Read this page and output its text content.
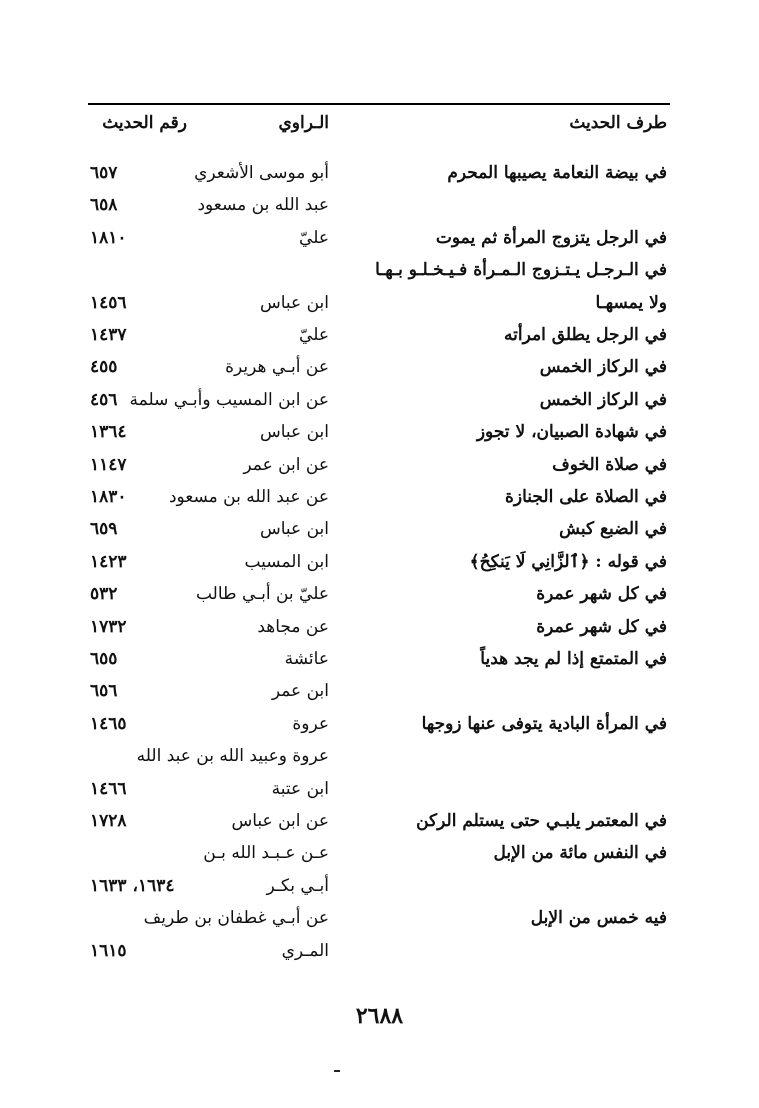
طرف الحديث
الـراوي
رقم الحديث
في بيضة النعامة يصيبها المحرم
أبو موسى الأشعري
٦٥٧
عبد الله بن مسعود
٦٥٨
في الرجل يتزوج المرأة ثم يموت
عليّ
١٨١٠
في الـرجـل يـتـزوج الـمـرأة فـيـخـلـو بـهـا
ولا يمسهـا
ابن عباس
١٤٥٦
في الرجل يطلق امرأته
عليّ
١٤٣٧
في الركاز الخمس
عن أبـي هريرة
٤٥٥
في الركاز الخمس
عن ابن المسيب وأبـي سلمة
٤٥٦
في شهادة الصبيان، لا تجوز
ابن عباس
١٣٦٤
في صلاة الخوف
عن ابن عمر
١١٤٧
في الصلاة على الجنازة
عن عبد الله بن مسعود
١٨٣٠
في الضبع كبش
ابن عباس
٦٥٩
في قوله : ﴿ٱلزَّانِي لَا يَنكِحُ﴾
ابن المسيب
١٤٢٣
في كل شهر عمرة
عليّ بن أبـي طالب
٥٣٢
في كل شهر عمرة
عن مجاهد
١٧٣٢
في المتمتع إذا لم يجد هدياً
عائشة
٦٥٥
ابن عمر
٦٥٦
في المرأة البادية يتوفى عنها زوجها
عروة
١٤٦٥
عروة وعبيد الله بن عبد الله
ابن عتبة
١٤٦٦
في المعتمر يلبـي حتى يستلم الركن
عن ابن عباس
١٧٢٨
في النفس مائة من الإبل
عـن عـبـد الله بـن
أبـي بكـر
١٦٣٤، ١٦٣٣
فيه خمس من الإبل
عن أبـي غطفان بن طريف
المـري
١٦١٥
٢٦٨٨
